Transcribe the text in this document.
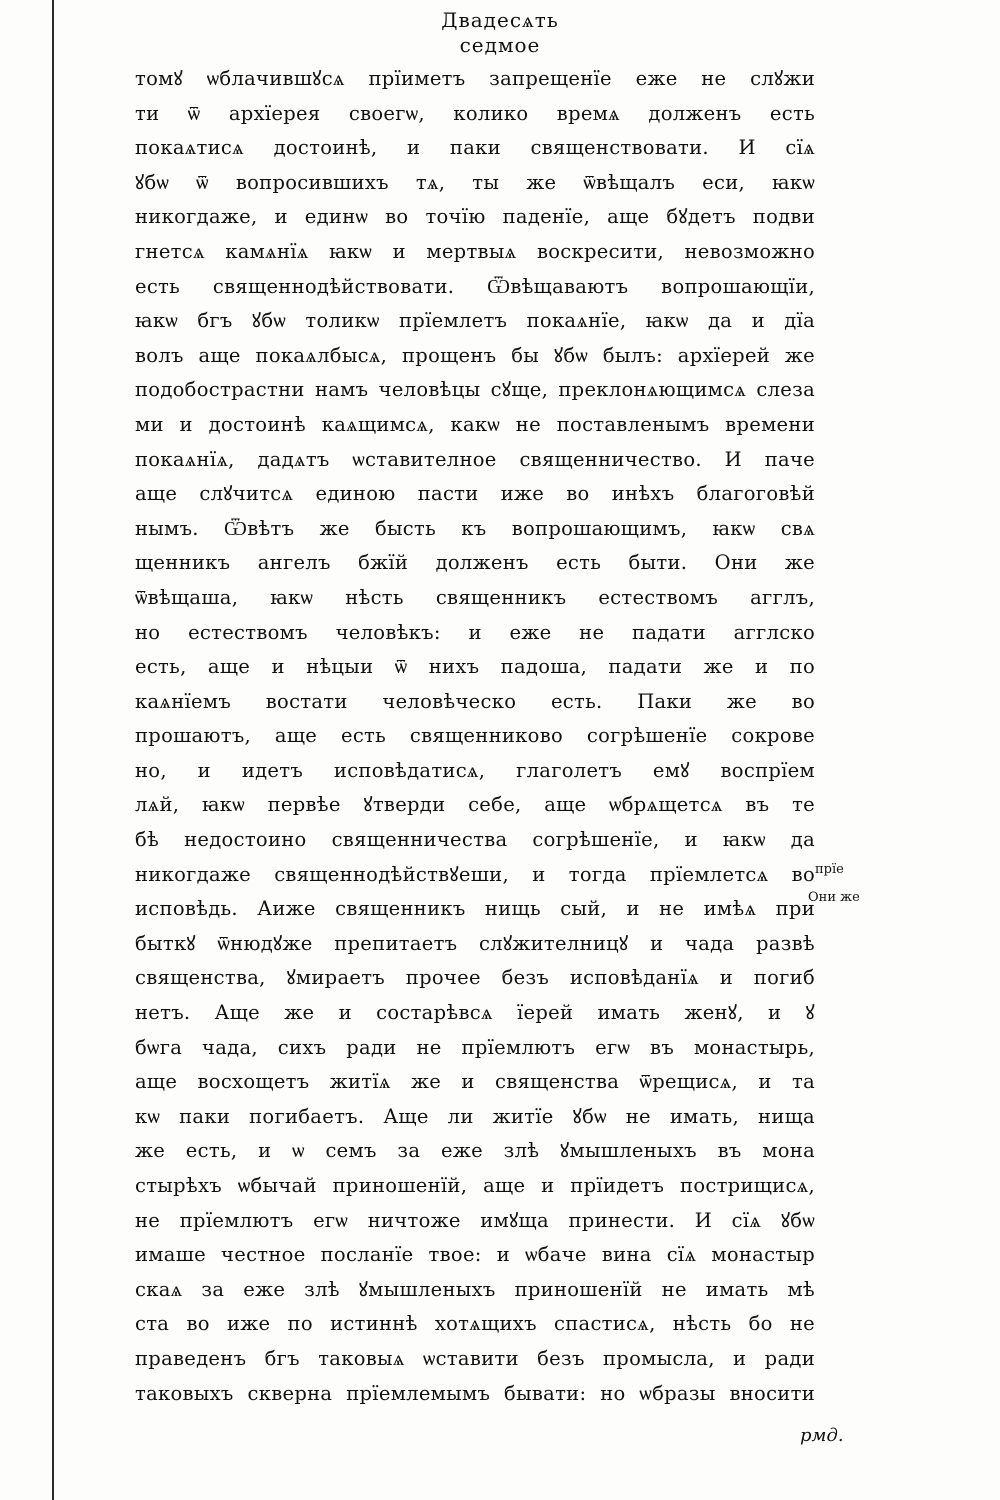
Двадесѧть седмое
томꙋ ѡблачившꙋсѧ прїиметъ запрещенїе еже не слꙋжи
ти ѿ архїерея своегѡ, колико времѧ долженъ есть
покаѧтисѧ достоинѣ, и паки священствовати. И сїѧ
ꙋбѡ ѿ вопросившихъ тѧ, ты же ѿвѣщалъ еси, ꙗкѡ
никогдаже, и единѡ во точїю паденїе, аще бꙋдетъ подви
гнетсѧ камѧнїѧ ꙗкѡ и мертвыѧ воскресити, невозможно
есть священнодѣйствовати. Ѿвѣщаваютъ вопрошающїи,
ꙗкѡ бгъ ꙋбѡ толикѡ прїемлетъ покаѧнїе, ꙗкѡ да и дїа
волъ аще покаѧлбысѧ, прощенъ бы ꙋбѡ былъ: архїерей же
подобострастни намъ человѣцы сꙋще, преклонѧющимсѧ слеза
ми и достоинѣ каѧщимсѧ, какѡ не поставленымъ времени
покаѧнїѧ, дадѧтъ ѡставителное священничество. И паче
аще слꙋчитсѧ единою пасти иже во инѣхъ благоговѣй
нымъ. Ѿвѣтъ же бысть къ вопрошающимъ, ꙗкѡ свѧ
щенникъ ангелъ бжїй долженъ есть быти. Они же
ѿвѣщаша, ꙗкѡ нѣсть священникъ естествомъ агглъ,
но естествомъ человѣкъ: и еже не падати агглско
есть, аще и нѣцыи ѿ нихъ падоша, падати же и по
каѧнїемъ востати человѣческо есть. Паки же во
прошаютъ, аще есть священниково согрѣшенїе сокрове
но, и идетъ исповѣдатисѧ, глаголетъ емꙋ воспрїем
лѧй, ꙗкѡ первѣе ꙋтверди себе, аще ѡбрѧщетсѧ въ те
бѣ недостоино священничества согрѣшенїе, и ꙗкѡ да
никогдаже священнодѣйствꙋеши, и тогда прїемлетсѧ во
исповѣдь. Аиже священникъ нищь сый, и не имѣѧ при
быткꙋ ѿнюдꙋже препитаетъ слꙋжителницꙋ и чада развѣ
священства, ꙋмираетъ прочее безъ исповѣданїѧ и погиб
нетъ. Аще же и состарѣвсѧ їерей имать женꙋ, и ꙋ
бѡга чада, сихъ ради не прїемлютъ егѡ въ монастырь,
аще восхощетъ житїѧ же и священства ѿрещисѧ, и та
кѡ паки погибаетъ. Аще ли житїе ꙋбѡ не имать, нища
же есть, и ѡ семъ за еже злѣ ꙋмышленыхъ въ мона
стырѣхъ ѡбычай приношенїй, аще и прїидетъ пострищисѧ,
не прїемлютъ егѡ ничтоже имꙋща принести. И сїѧ ꙋбѡ
имаше честное посланїе твое: и ѡбаче вина сїѧ монастыр
скаѧ за еже злѣ ꙋмышленыхъ приношенїй не имать мѣ
ста во иже по истиннѣ хотѧщихъ спастисѧ, нѣсть бо не
праведенъ бгъ таковыѧ ѡставити безъ промысла, и ради
таковыхъ скверна прїемлемымъ бывати: но ѡбразы вносити
прїе
Они же
рмд.
